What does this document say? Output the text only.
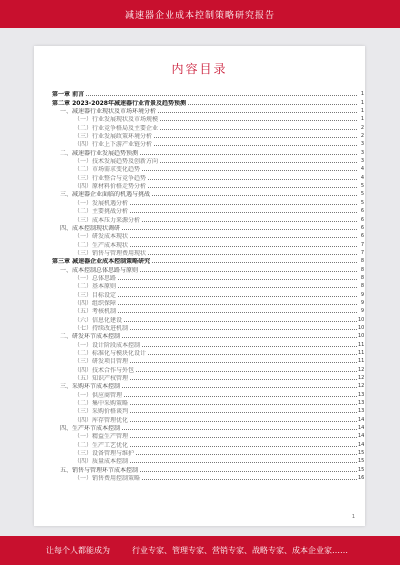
减速器企业成本控制策略研究报告
内容目录
第一章 前言	1
第二章 2023-2028年减速器行业背景及趋势预测	1
一、减速器行业现状及市场环境分析	1
（一）行业发展现状及市场规模	1
（二）行业竞争格局及主要企业	2
（三）行业发展政策环境分析	2
（四）行业上下游产业链分析	3
二、减速器行业发展趋势预测	3
（一）技术发展趋势及创新方向	3
（二）市场需求变化趋势	4
（三）行业整合与竞争趋势	4
（四）原材料价格走势分析	5
三、减速器企业面临的机遇与挑战	5
（一）发展机遇分析	5
（二）主要挑战分析	6
（三）成本压力来源分析	6
四、成本控制现状调研	6
（一）研发成本现状	6
（二）生产成本现状	7
（三）销售与管理费用现状	7
第三章 减速器企业成本控制策略研究	8
一、成本控制总体思路与原则	8
（一）总体思路	8
（二）基本原则	8
（三）目标设定	9
（四）组织保障	9
（五）考核机制	9
（六）信息化建设	10
（七）持续改进机制	10
二、研发环节成本控制	10
（一）设计阶段成本控制	11
（二）标准化与模块化设计	11
（三）研发项目管理	11
（四）技术合作与外包	12
（五）知识产权管理	12
三、采购环节成本控制	12
（一）供应商管理	13
（二）集中采购策略	13
（三）采购价格谈判	13
（四）库存管理优化	14
四、生产环节成本控制	14
（一）精益生产管理	14
（二）生产工艺优化	14
（三）设备管理与维护	15
（四）质量成本控制	15
五、销售与管理环节成本控制	15
（一）销售费用控制策略	16
1
让每个人都能成为	行业专家、管理专家、营销专家、战略专家、成本企业家……
